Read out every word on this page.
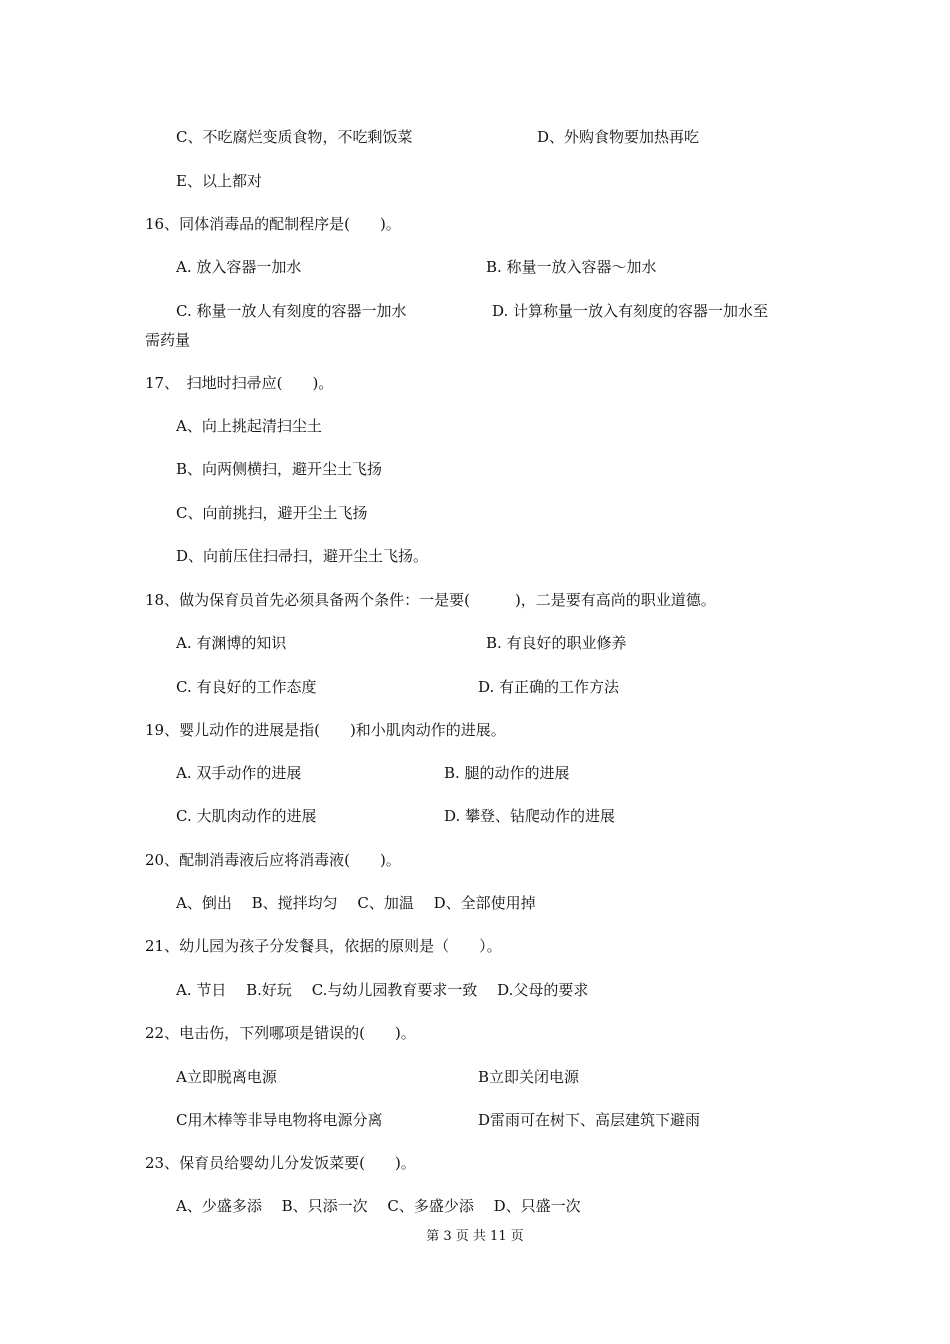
C、不吃腐烂变质食物，不吃剩饭菜	D、外购食物要加热再吃
E、以上都对
16、同体消毒品的配制程序是(　　)。
A. 放入容器一加水	B. 称量一放入容器～加水
C. 称量一放人有刻度的容器一加水	D. 计算称量一放入有刻度的容器一加水至
需药量
17、　扫地时扫帚应(　　)。
A、向上挑起清扫尘土
B、向两侧横扫，避开尘土飞扬
C、向前挑扫，避开尘土飞扬
D、向前压住扫帚扫，避开尘土飞扬。
18、做为保育员首先必须具备两个条件：一是要(　　　)，二是要有高尚的职业道德。
A. 有渊博的知识	B. 有良好的职业修养
C. 有良好的工作态度	D. 有正确的工作方法
19、婴儿动作的进展是指(　　)和小肌肉动作的进展。
A. 双手动作的进展	B. 腿的动作的进展
C. 大肌肉动作的进展	D. 攀登、钻爬动作的进展
20、配制消毒液后应将消毒液(　　)。
A、倒出　 B、搅拌均匀　 C、加温　 D、全部使用掉
21、幼儿园为孩子分发餐具，依据的原则是（　　）。
A. 节日　 B.好玩　 C.与幼儿园教育要求一致　 D.父母的要求
22、电击伤，下列哪项是错误的(　　)。
A立即脱离电源	B立即关闭电源
C用木棒等非导电物将电源分离	D雷雨可在树下、高层建筑下避雨
23、保育员给婴幼儿分发饭菜要(　　)。
A、少盛多添　 B、只添一次　 C、多盛少添　 D、只盛一次
第 3 页 共 11 页
